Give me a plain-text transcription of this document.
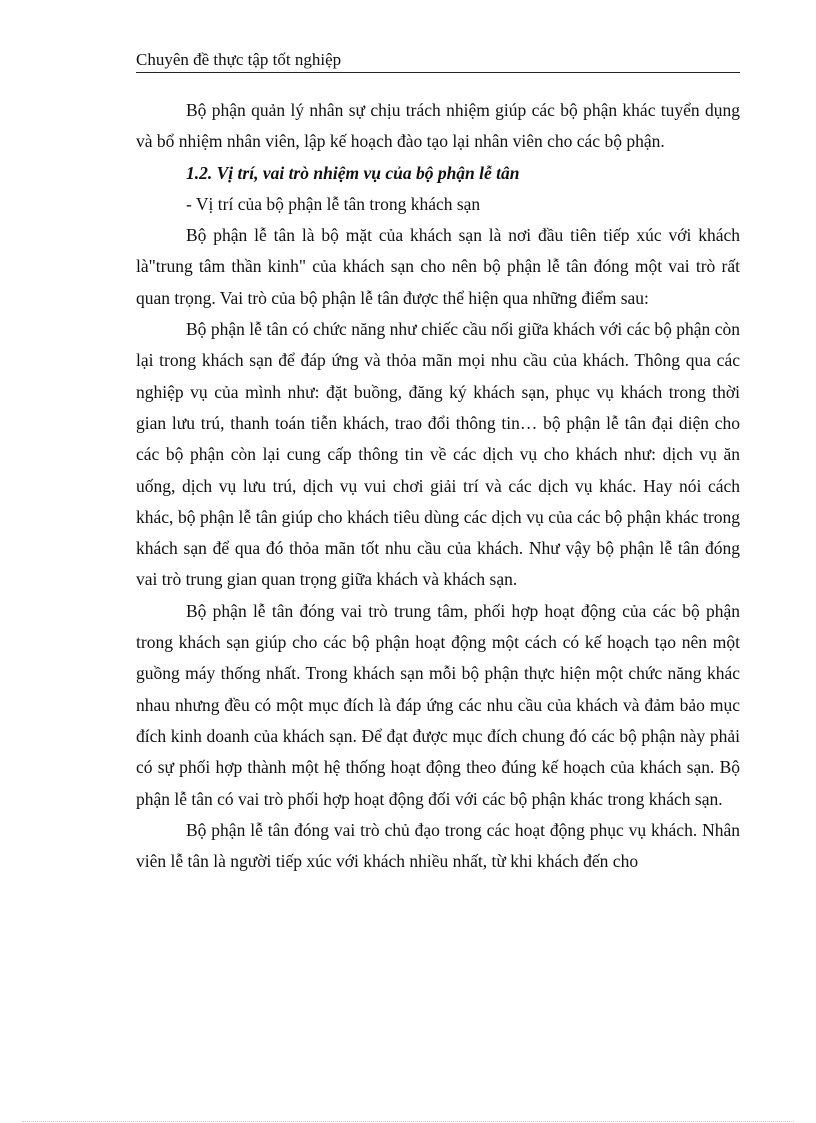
Chuyên đề thực tập tốt nghiệp

Bộ phận quản lý nhân sự chịu trách nhiệm giúp các bộ phận khác tuyển dụng và bổ nhiệm nhân viên, lập kế hoạch đào tạo lại nhân viên cho các bộ phận.

1.2. Vị trí, vai trò nhiệm vụ của bộ phận lễ tân

- Vị trí của bộ phận lễ tân trong khách sạn

Bộ phận lễ tân là bộ mặt của khách sạn là nơi đầu tiên tiếp xúc với khách là"trung tâm thần kinh" của khách sạn cho nên bộ phận lễ tân đóng một vai trò rất quan trọng. Vai trò của bộ phận lễ tân được thể hiện qua những điểm sau:

Bộ phận lễ tân có chức năng như chiếc cầu nối giữa khách với các bộ phận còn lại trong khách sạn để đáp ứng và thỏa mãn mọi nhu cầu của khách. Thông qua các nghiệp vụ của mình như: đặt buồng, đăng ký khách sạn, phục vụ khách trong thời gian lưu trú, thanh toán tiễn khách, trao đổi thông tin… bộ phận lễ tân đại diện cho các bộ phận còn lại cung cấp thông tin về các dịch vụ cho khách như: dịch vụ ăn uống, dịch vụ lưu trú, dịch vụ vui chơi giải trí và các dịch vụ khác. Hay nói cách khác, bộ phận lễ tân giúp cho khách tiêu dùng các dịch vụ của các bộ phận khác trong khách sạn để qua đó thỏa mãn tốt nhu cầu của khách. Như vậy bộ phận lễ tân đóng vai trò trung gian quan trọng giữa khách và khách sạn.

Bộ phận lễ tân đóng vai trò trung tâm, phối hợp hoạt động của các bộ phận trong khách sạn giúp cho các bộ phận hoạt động một cách có kế hoạch tạo nên một guồng máy thống nhất. Trong khách sạn mỗi bộ phận thực hiện một chức năng khác nhau nhưng đều có một mục đích là đáp ứng các nhu cầu của khách và đảm bảo mục đích kinh doanh của khách sạn. Để đạt được mục đích chung đó các bộ phận này phải có sự phối hợp thành một hệ thống hoạt động theo đúng kế hoạch của khách sạn. Bộ phận lễ tân có vai trò phối hợp hoạt động đối với các bộ phận khác trong khách sạn.

Bộ phận lễ tân đóng vai trò chủ đạo trong các hoạt động phục vụ khách. Nhân viên lễ tân là người tiếp xúc với khách nhiều nhất, từ khi khách đến cho
